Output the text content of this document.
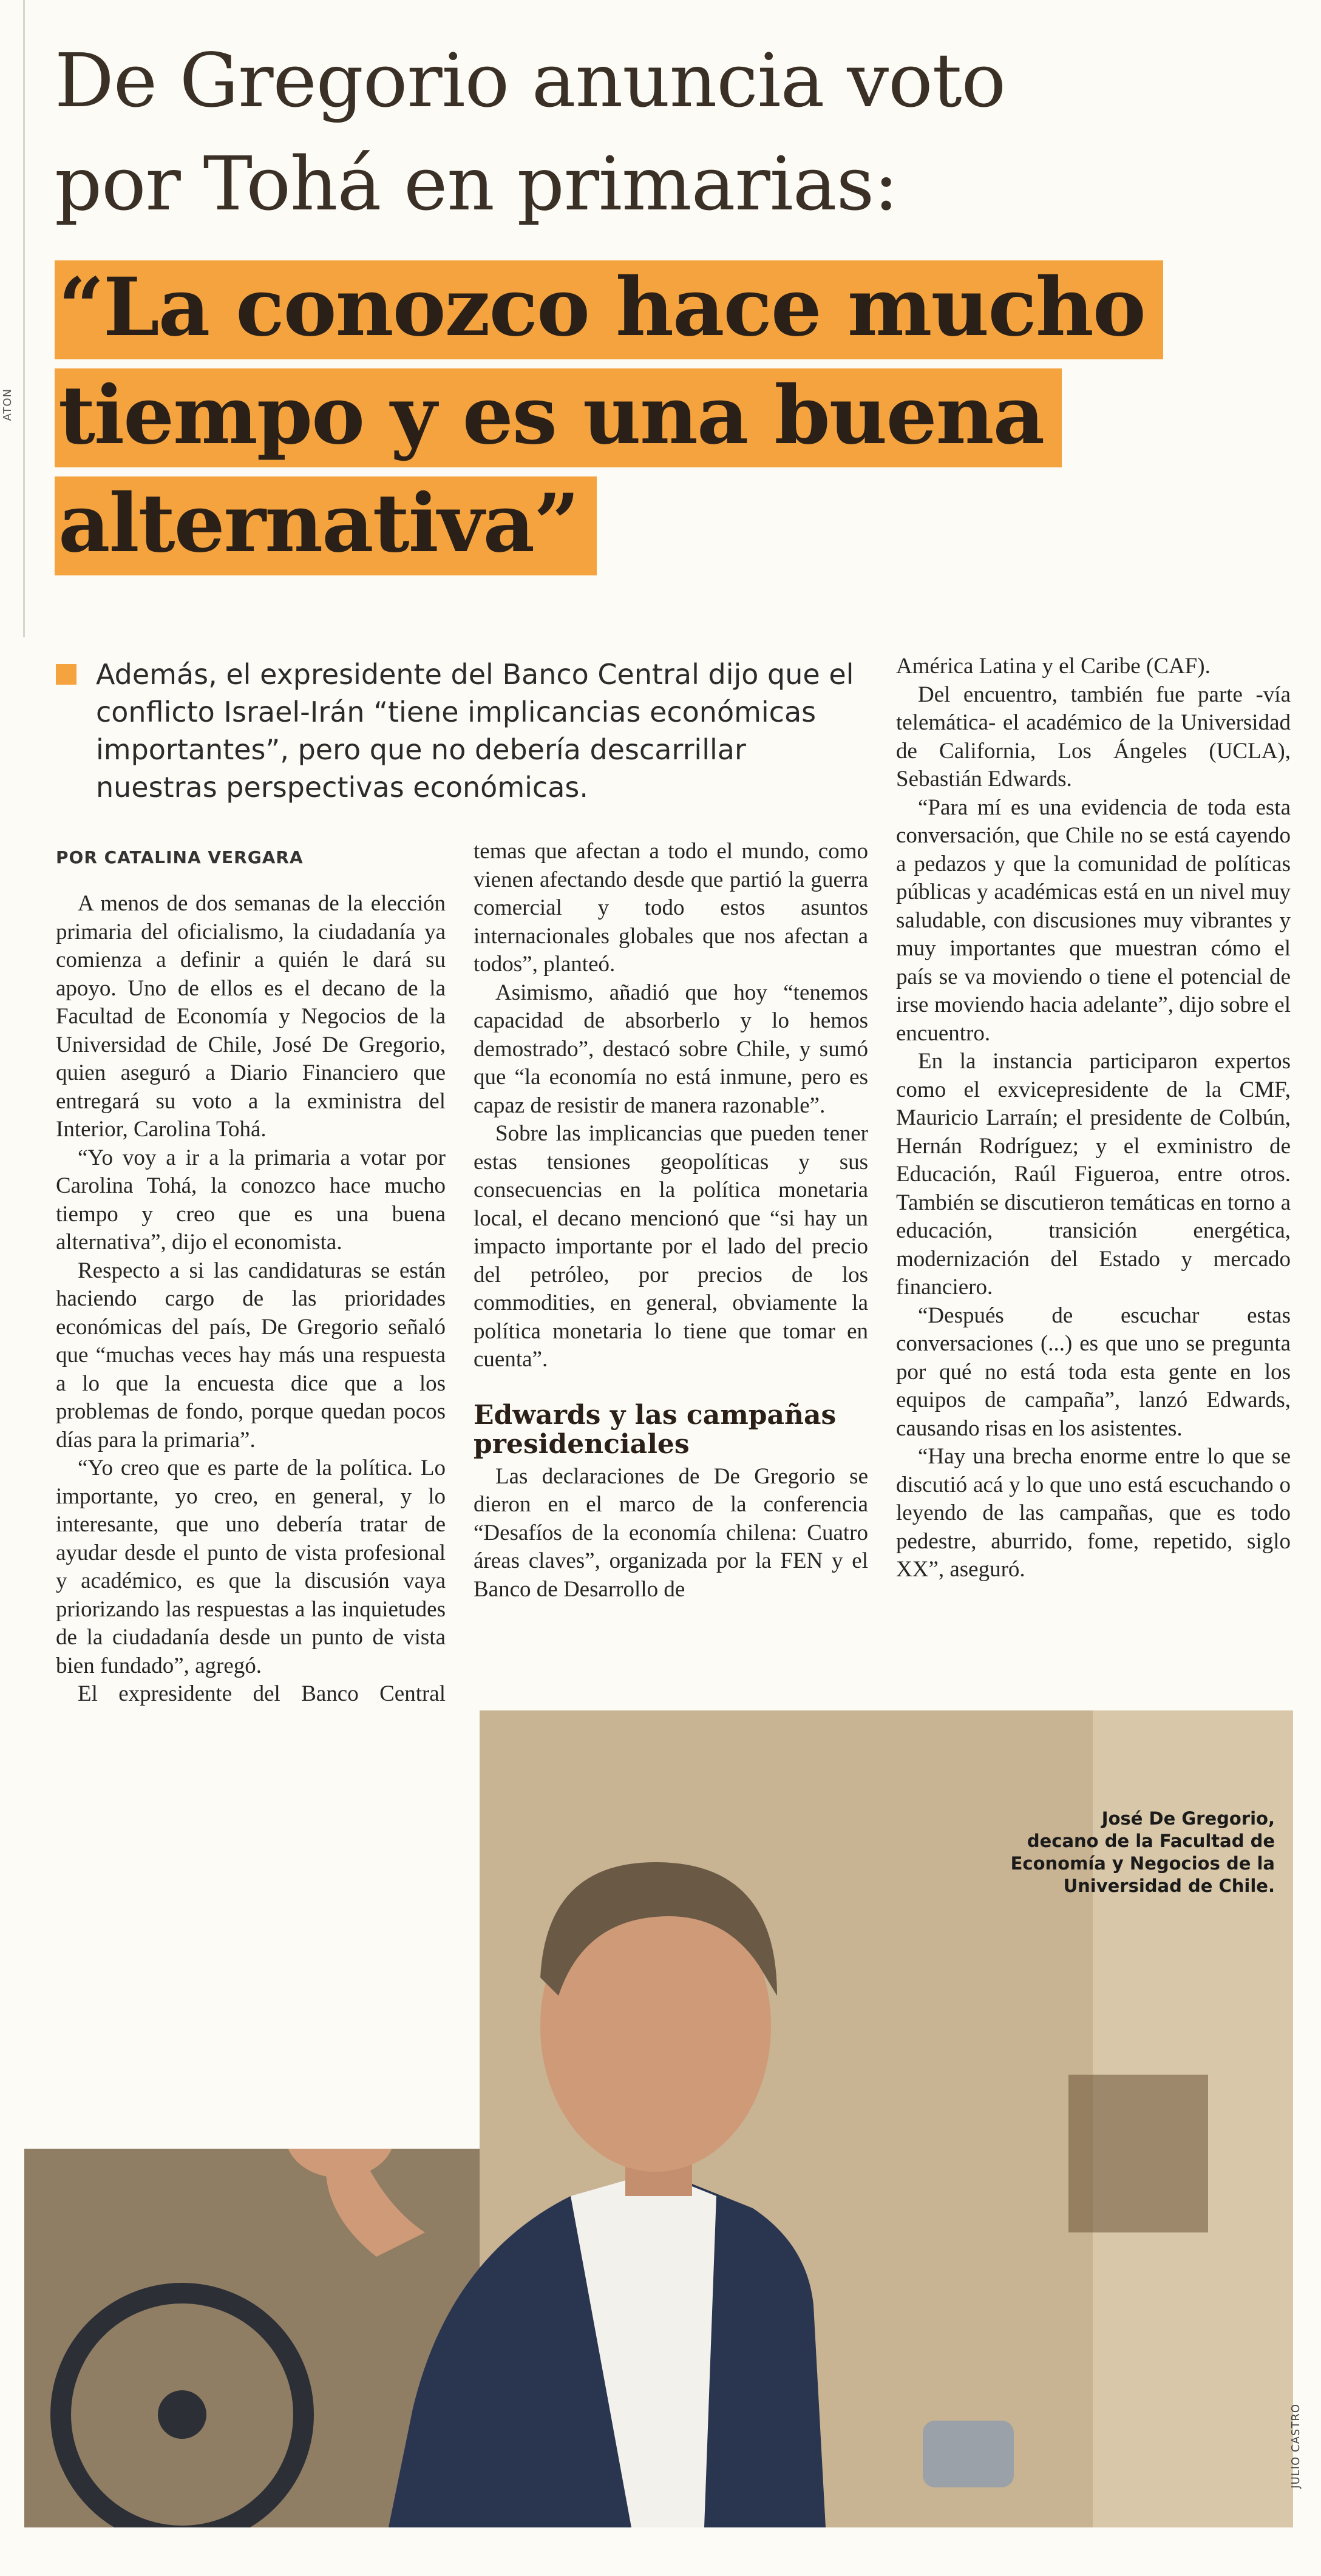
ATON
De Gregorio anuncia voto
por Tohá en primarias:
“La conozco hace mucho
tiempo y es una buena
alternativa”
Además, el expresidente del Banco Central dijo que el conflicto Israel-Irán “tiene implicancias económicas importantes”, pero que no debería descarrillar nuestras perspectivas económicas.
POR CATALINA VERGARA

A menos de dos semanas de la elección primaria del oficialismo, la ciudadanía ya comienza a definir a quién le dará su apoyo. Uno de ellos es el decano de la Facultad de Economía y Negocios de la Universidad de Chile, José De Gregorio, quien aseguró a Diario Financiero que entregará su voto a la exministra del Interior, Carolina Tohá.

“Yo voy a ir a la primaria a votar por Carolina Tohá, la conozco hace mucho tiempo y creo que es una buena alternativa”, dijo el economista.

Respecto a si las candidaturas se están haciendo cargo de las prioridades económicas del país, De Gregorio señaló que “muchas veces hay más una respuesta a lo que la encuesta dice que a los problemas de fondo, porque quedan pocos días para la primaria”.

“Yo creo que es parte de la política. Lo importante, yo creo, en general, y lo interesante, que uno debería tratar de ayudar desde el punto de vista profesional y académico, es que la discusión vaya priorizando las respuestas a las inquietudes de la ciudadanía desde un punto de vista bien fundado”, agregó.

El expresidente del Banco Central

temas que afectan a todo el mundo, como vienen afectando desde que partió la guerra comercial y todo estos asuntos internacionales globales que nos afectan a todos”, planteó.

Asimismo, añadió que hoy “tenemos capacidad de absorberlo y lo hemos demostrado”, destacó sobre Chile, y sumó que “la economía no está inmune, pero es capaz de resistir de manera razonable”.

Sobre las implicancias que pueden tener estas tensiones geopolíticas y sus consecuencias en la política monetaria local, el decano mencionó que “si hay un impacto importante por el lado del precio del petróleo, por precios de los commodities, en general, obviamente la política monetaria lo tiene que tomar en cuenta”.

Edwards y las campañas presidenciales

Las declaraciones de De Gregorio se dieron en el marco de la conferencia “Desafíos de la economía chilena: Cuatro áreas claves”, organizada por la FEN y el Banco de Desarrollo de

América Latina y el Caribe (CAF).

Del encuentro, también fue parte -vía telemática- el académico de la Universidad de California, Los Ángeles (UCLA), Sebastián Edwards.

“Para mí es una evidencia de toda esta conversación, que Chile no se está cayendo a pedazos y que la comunidad de políticas públicas y académicas está en un nivel muy saludable, con discusiones muy vibrantes y muy importantes que muestran cómo el país se va moviendo o tiene el potencial de irse moviendo hacia adelante”, dijo sobre el encuentro.

En la instancia participaron expertos como el exvicepresidente de la CMF, Mauricio Larraín; el presidente de Colbún, Hernán Rodríguez; y el exministro de Educación, Raúl Figueroa, entre otros. También se discutieron temáticas en torno a educación, transición energética, modernización del Estado y mercado financiero.

“Después de escuchar estas conversaciones (...) es que uno se pregunta por qué no está toda esta gente en los equipos de campaña”, lanzó Edwards, causando risas en los asistentes.

“Hay una brecha enorme entre lo que se discutió acá y lo que uno está escuchando o leyendo de las campañas, que es todo pedestre, aburrido, fome, repetido, siglo XX”, aseguró.

José De Gregorio,
decano de la Facultad de
Economía y Negocios de la
Universidad de Chile.
JULIO CASTRO
